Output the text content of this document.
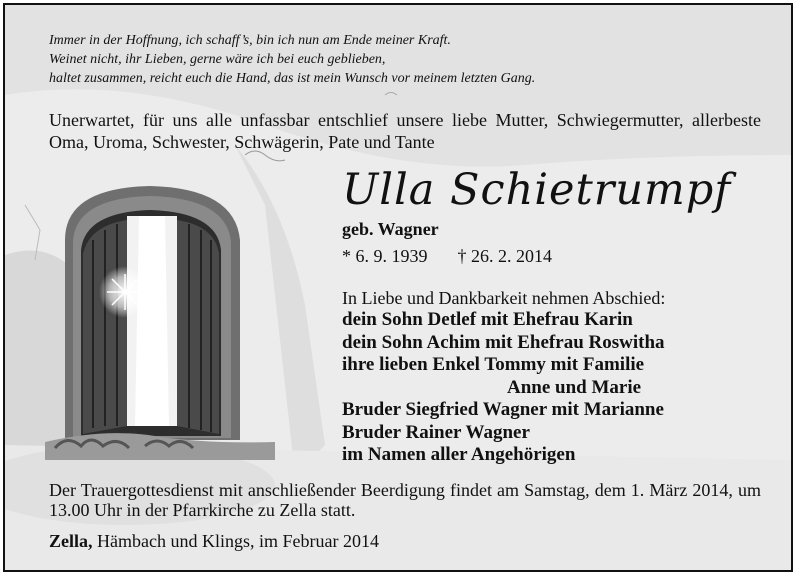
Immer in der Hoffnung, ich schaff’s, bin ich nun am Ende meiner Kraft.
Weinet nicht, ihr Lieben, gerne wäre ich bei euch geblieben,
haltet zusammen, reicht euch die Hand, das ist mein Wunsch vor meinem letzten Gang.
Unerwartet, für uns alle unfassbar entschlief unsere liebe Mutter, Schwiegermutter, allerbeste Oma, Uroma, Schwester, Schwägerin, Pate und Tante
Ulla Schietrumpf
geb. Wagner
* 6. 9. 1939 † 26. 2. 2014
In Liebe und Dankbarkeit nehmen Abschied:
dein Sohn Detlef mit Ehefrau Karin
dein Sohn Achim mit Ehefrau Roswitha
ihre lieben Enkel Tommy mit Familie
Anne und Marie
Bruder Siegfried Wagner mit Marianne
Bruder Rainer Wagner
im Namen aller Angehörigen
Der Trauergottesdienst mit anschließender Beerdigung findet am Samstag, dem 1. März 2014, um 13.00 Uhr in der Pfarrkirche zu Zella statt.
Zella, Hämbach und Klings, im Februar 2014
